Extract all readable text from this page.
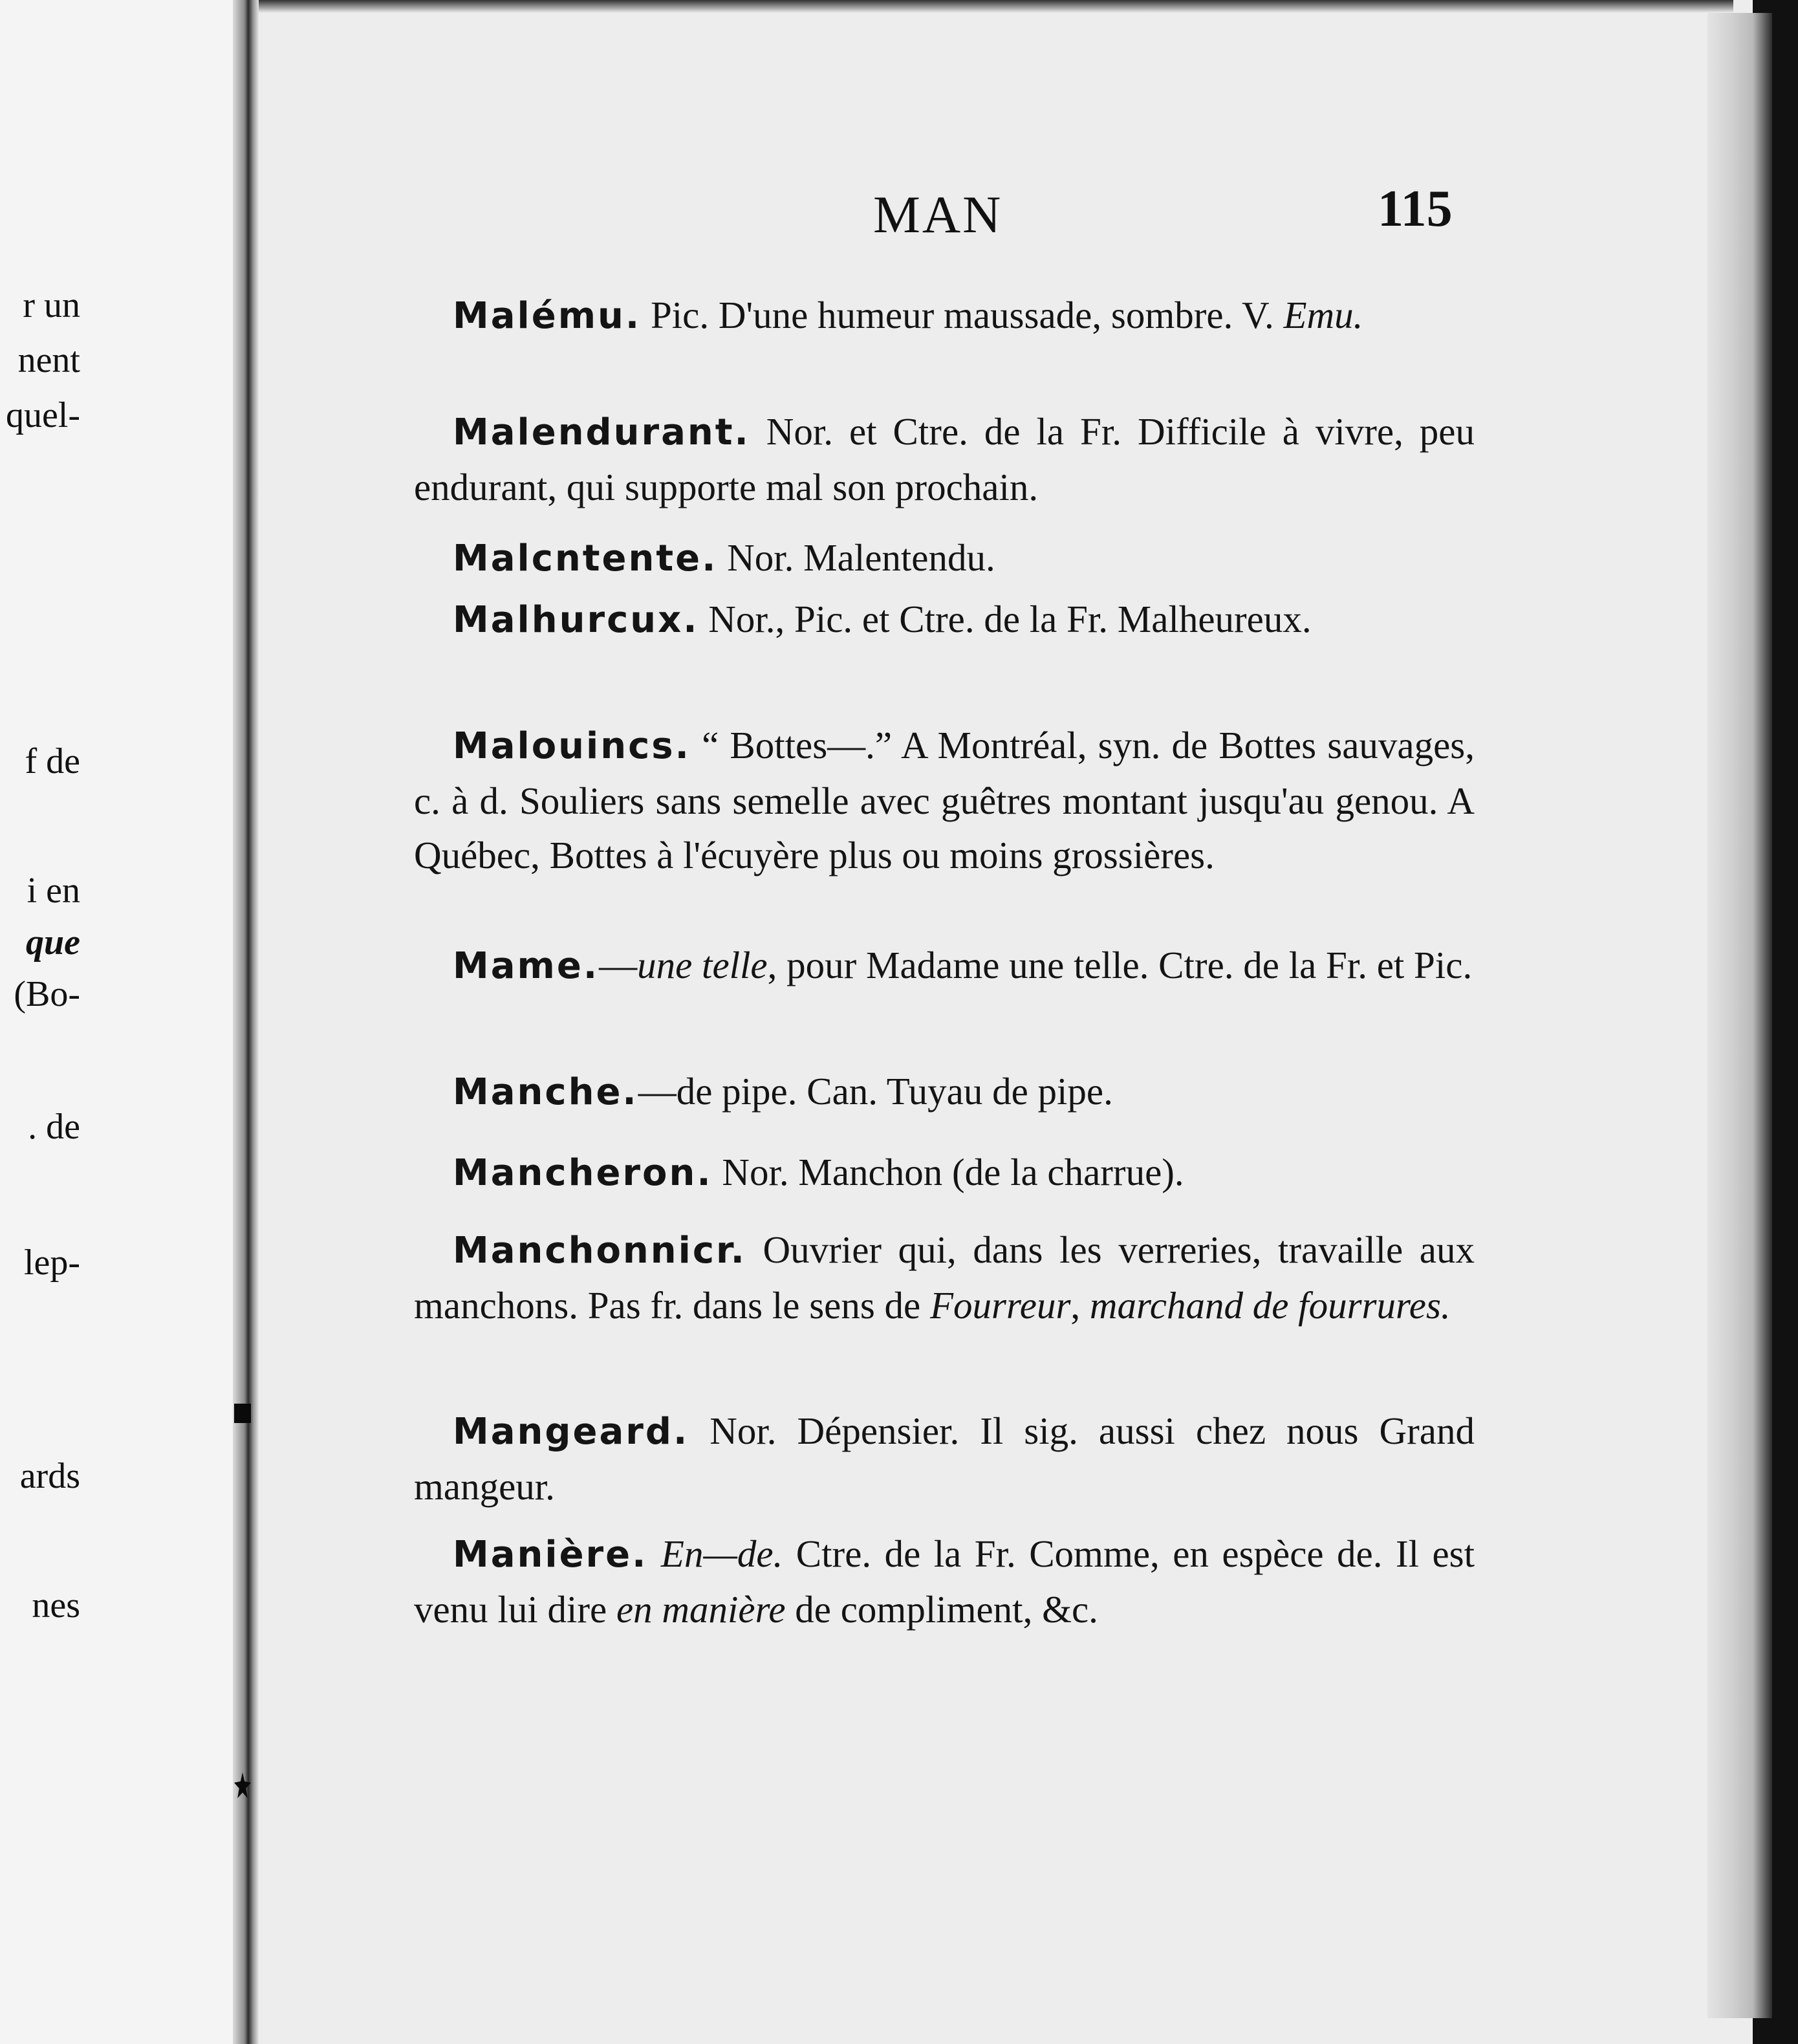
r un
nent
quel-
f de
i en
que
(Bo-
. de
lep-
ards
nes
MAN	115
Malému. Pic. D'une humeur maussade, sombre. V. Emu.
Malendurant. Nor. et Ctre. de la Fr. Difficile à vivre, peu endurant, qui supporte mal son prochain.
Malcntente. Nor. Malentendu.
Malhurcux. Nor., Pic. et Ctre. de la Fr. Malheureux.
Malouincs. “ Bottes—.” A Montréal, syn. de Bottes sauvages, c. à d. Souliers sans semelle avec guêtres montant jusqu'au genou. A Québec, Bottes à l'écuyère plus ou moins grossières.
Mame.—une telle, pour Madame une telle. Ctre. de la Fr. et Pic.
Manche.—de pipe. Can. Tuyau de pipe.
Mancheron. Nor. Manchon (de la charrue).
Manchonnicr. Ouvrier qui, dans les verreries, travaille aux manchons. Pas fr. dans le sens de Fourreur, marchand de fourrures.
Mangeard. Nor. Dépensier. Il sig. aussi chez nous Grand mangeur.
Manière. En—de. Ctre. de la Fr. Comme, en espèce de. Il est venu lui dire en manière de compliment, &c.
